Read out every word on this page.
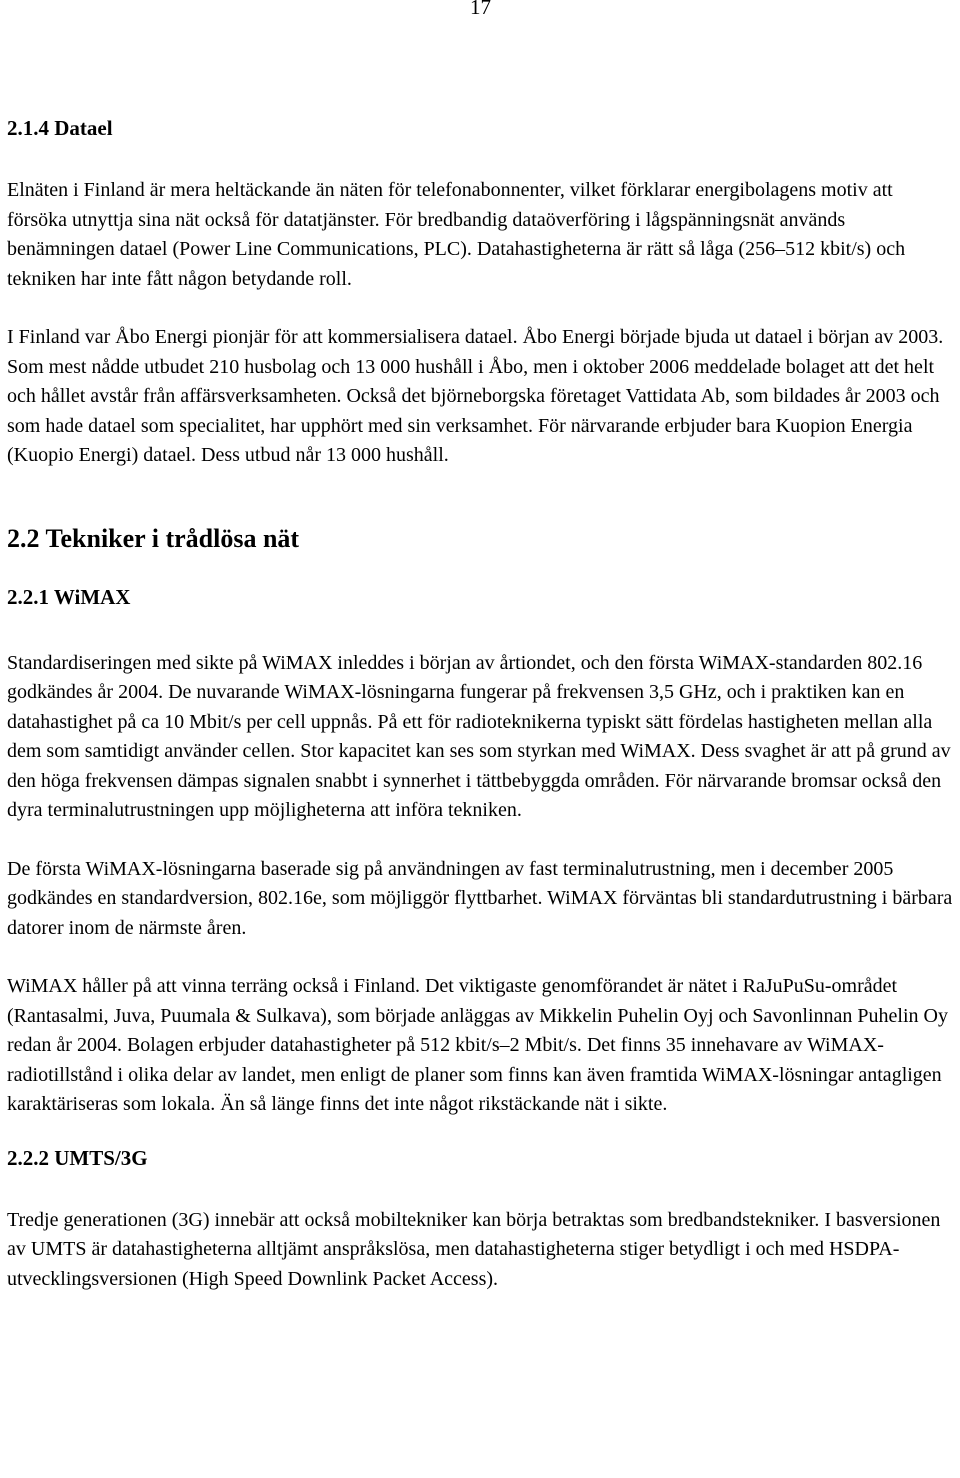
17
2.1.4 Datael

Elnäten i Finland är mera heltäckande än näten för telefonabonnenter, vilket förklarar energibolagens motiv att försöka utnyttja sina nät också för datatjänster. För bredbandig dataöverföring i lågspänningsnät används benämningen datael (Power Line Communications, PLC). Datahastigheterna är rätt så låga (256–512 kbit/s) och tekniken har inte fått någon betydande roll.

I Finland var Åbo Energi pionjär för att kommersialisera datael. Åbo Energi började bjuda ut datael i början av 2003. Som mest nådde utbudet 210 husbolag och 13 000 hushåll i Åbo, men i oktober 2006 meddelade bolaget att det helt och hållet avstår från affärsverksamheten. Också det björneborgska företaget Vattidata Ab, som bildades år 2003 och som hade datael som specialitet, har upphört med sin verksamhet. För närvarande erbjuder bara Kuopion Energia (Kuopio Energi) datael. Dess utbud når 13 000 hushåll.

2.2 Tekniker i trådlösa nät
2.2.1 WiMAX

Standardiseringen med sikte på WiMAX inleddes i början av årtiondet, och den första WiMAX-standarden 802.16 godkändes år 2004. De nuvarande WiMAX-lösningarna fungerar på frekvensen 3,5 GHz, och i praktiken kan en datahastighet på ca 10 Mbit/s per cell uppnås. På ett för radioteknikerna typiskt sätt fördelas hastigheten mellan alla dem som samtidigt använder cellen. Stor kapacitet kan ses som styrkan med WiMAX. Dess svaghet är att på grund av den höga frekvensen dämpas signalen snabbt i synnerhet i tättbebyggda områden. För närvarande bromsar också den dyra terminalutrustningen upp möjligheterna att införa tekniken.

De första WiMAX-lösningarna baserade sig på användningen av fast terminalutrustning, men i december 2005 godkändes en standardversion, 802.16e, som möjliggör flyttbarhet. WiMAX förväntas bli standardutrustning i bärbara datorer inom de närmste åren.

WiMAX håller på att vinna terräng också i Finland. Det viktigaste genomförandet är nätet i RaJuPuSu-området (Rantasalmi, Juva, Puumala & Sulkava), som började anläggas av Mikkelin Puhelin Oyj och Savonlinnan Puhelin Oy redan år 2004. Bolagen erbjuder datahastigheter på 512 kbit/s–2 Mbit/s. Det finns 35 innehavare av WiMAX-radiotillstånd i olika delar av landet, men enligt de planer som finns kan även framtida WiMAX-lösningar antagligen karaktäriseras som lokala. Än så länge finns det inte något rikstäckande nät i sikte.

2.2.2 UMTS/3G

Tredje generationen (3G) innebär att också mobiltekniker kan börja betraktas som bredbandstekniker. I basversionen av UMTS är datahastigheterna alltjämt anspråkslösa, men datahastigheterna stiger betydligt i och med HSDPA-utvecklingsversionen (High Speed Downlink Packet Access).
